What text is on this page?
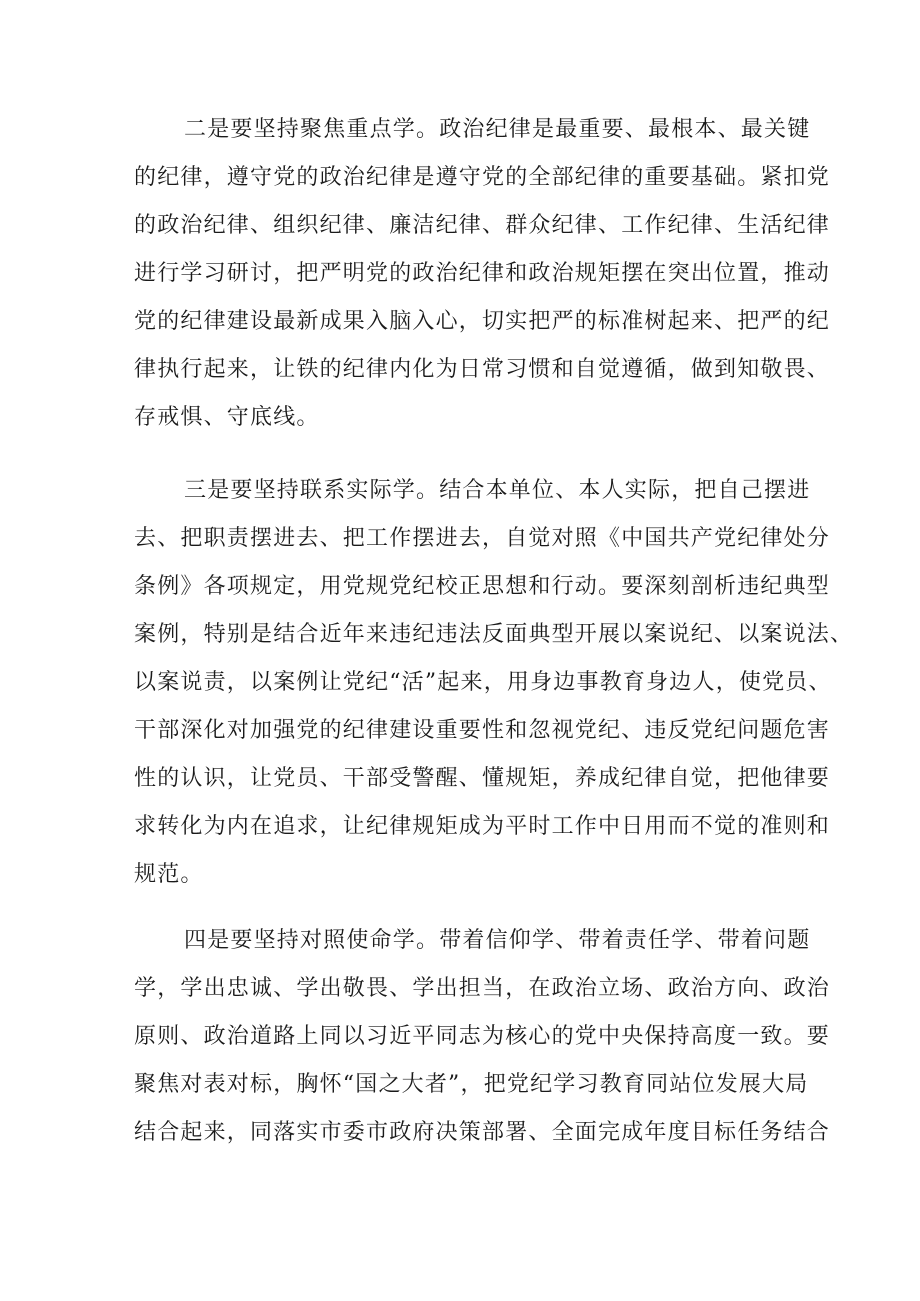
二是要坚持聚焦重点学。政治纪律是最重要、最根本、最关键
的纪律，遵守党的政治纪律是遵守党的全部纪律的重要基础。紧扣党
的政治纪律、组织纪律、廉洁纪律、群众纪律、工作纪律、生活纪律
进行学习研讨，把严明党的政治纪律和政治规矩摆在突出位置，推动
党的纪律建设最新成果入脑入心，切实把严的标准树起来、把严的纪
律执行起来，让铁的纪律内化为日常习惯和自觉遵循，做到知敬畏、
存戒惧、守底线。
三是要坚持联系实际学。结合本单位、本人实际，把自己摆进
去、把职责摆进去、把工作摆进去，自觉对照《中国共产党纪律处分
条例》各项规定，用党规党纪校正思想和行动。要深刻剖析违纪典型
案例，特别是结合近年来违纪违法反面典型开展以案说纪、以案说法、
以案说责，以案例让党纪“活”起来，用身边事教育身边人，使党员、
干部深化对加强党的纪律建设重要性和忽视党纪、违反党纪问题危害
性的认识，让党员、干部受警醒、懂规矩，养成纪律自觉，把他律要
求转化为内在追求，让纪律规矩成为平时工作中日用而不觉的准则和
规范。
四是要坚持对照使命学。带着信仰学、带着责任学、带着问题
学，学出忠诚、学出敬畏、学出担当，在政治立场、政治方向、政治
原则、政治道路上同以习近平同志为核心的党中央保持高度一致。要
聚焦对表对标，胸怀“国之大者”，把党纪学习教育同站位发展大局
结合起来，同落实市委市政府决策部署、全面完成年度目标任务结合
